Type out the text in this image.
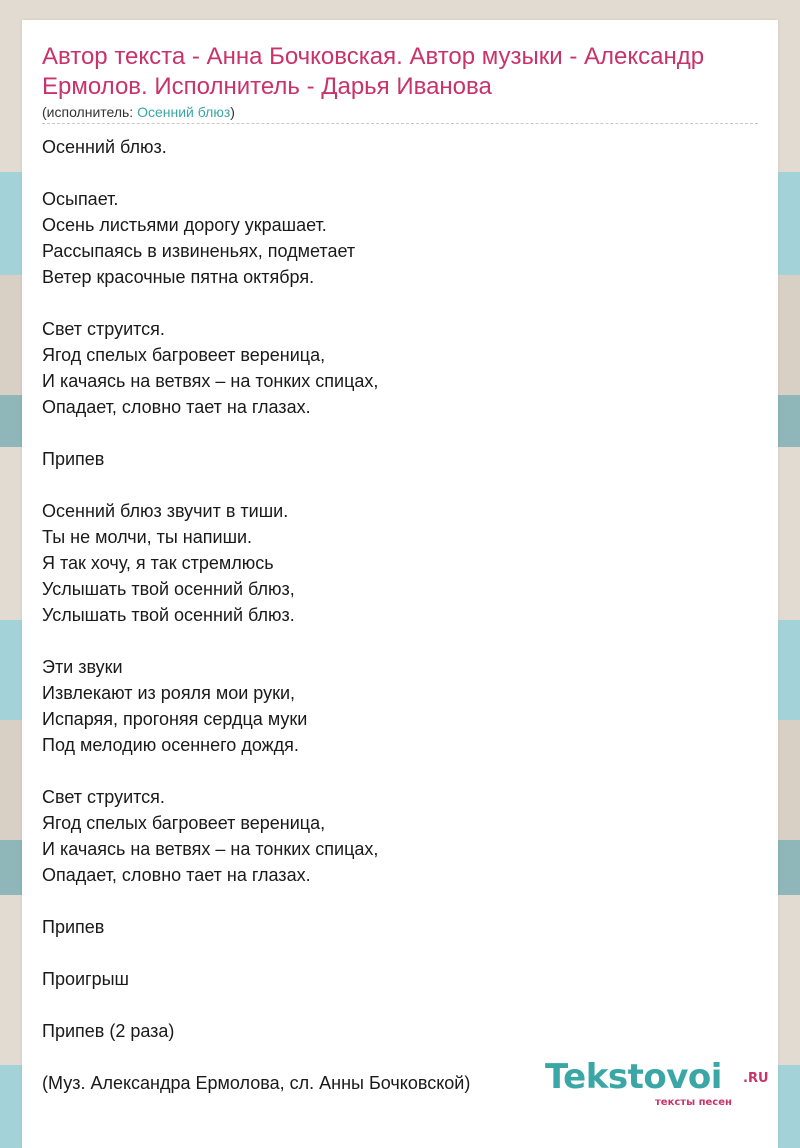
Автор текста - Анна Бочковская. Автор музыки - Александр Ермолов. Исполнитель - Дарья Иванова
(исполнитель: Осенний блюз)
Осенний блюз.
Осыпает.
Осень листьями дорогу украшает.
Рассыпаясь в извиненьях, подметает
Ветер красочные пятна октября.
Свет струится.
Ягод спелых багровеет вереница,
И качаясь на ветвях – на тонких спицах,
Опадает, словно тает на глазах.
Припев
Осенний блюз звучит в тиши.
Ты не молчи, ты напиши.
Я так хочу, я так стремлюсь
Услышать твой осенний блюз,
Услышать твой осенний блюз.
Эти звуки
Извлекают из рояля мои руки,
Испаряя, прогоняя сердца муки
Под мелодию осеннего дождя.
Свет струится.
Ягод спелых багровеет вереница,
И качаясь на ветвях – на тонких спицах,
Опадает, словно тает на глазах.
Припев
Проигрыш
Припев (2 раза)
(Муз. Александра Ермолова, сл. Анны Бочковской)	Tekstovoi .RU
тексты песен
